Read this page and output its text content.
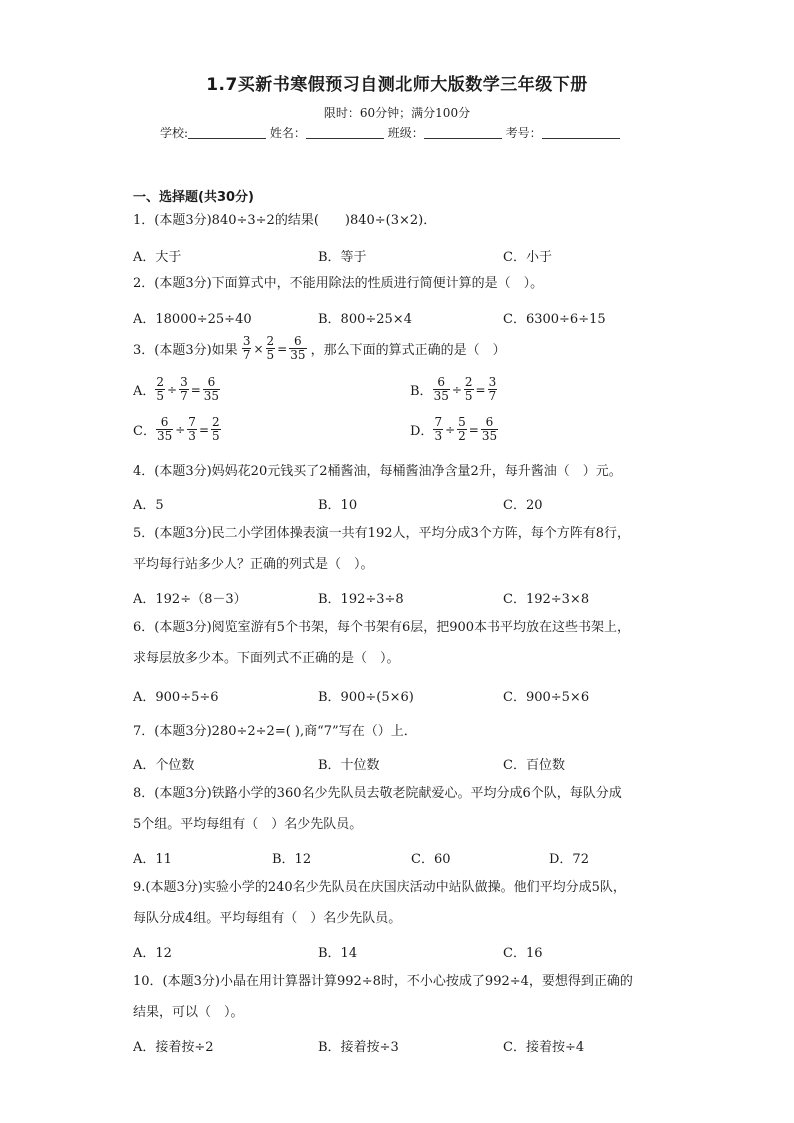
1.7买新书寒假预习自测北师大版数学三年级下册
限时：60分钟；满分100分
学校:	姓名：	班级：	考号：
一、选择题(共30分)
1．(本题3分)840÷3÷2的结果(　　)840÷(3×2)．
A．大于	B．等于	C．小于
2．(本题3分)下面算式中，不能用除法的性质进行简便计算的是（　）。
A．18000÷25÷40	B．800÷25×4	C．6300÷6÷15
3．(本题3分)如果 $\frac{3}{7} \times \frac{2}{5} = \frac{6}{35}$ ，那么下面的算式正确的是（　）
A． $\frac{2}{5} \div \frac{3}{7} = \frac{6}{35}$	B． $\frac{6}{35} \div \frac{2}{5} = \frac{3}{7}$
C． $\frac{6}{35} \div \frac{7}{3} = \frac{2}{5}$	D． $\frac{7}{3} \div \frac{5}{2} = \frac{6}{35}$
4．(本题3分)妈妈花20元钱买了2桶酱油，每桶酱油净含量2升，每升酱油（　）元。
A．5	B．10	C．20
5．(本题3分)民二小学团体操表演一共有192人，平均分成3个方阵，每个方阵有8行，
平均每行站多少人？正确的列式是（　）。
A．192÷（8－3）	B．192÷3÷8	C．192÷3×8
6．(本题3分)阅览室游有5个书架，每个书架有6层，把900本书平均放在这些书架上，
求每层放多少本。下面列式不正确的是（　）。
A．900÷5÷6	B．900÷(5×6)	C．900÷5×6
7．(本题3分)280÷2÷2=( ),商“7”写在（）上．
A．个位数	B．十位数	C．百位数
8．(本题3分)铁路小学的360名少先队员去敬老院献爱心。平均分成6个队，每队分成
5个组。平均每组有（　）名少先队员。
A．11	B．12	C．60	D．72
9.(本题3分)实验小学的240名少先队员在庆国庆活动中站队做操。他们平均分成5队，
每队分成4组。平均每组有（　）名少先队员。
A．12	B．14	C．16
10．(本题3分)小晶在用计算器计算992÷8时，不小心按成了992÷4，要想得到正确的
结果，可以（　）。
A．接着按÷2	B．接着按÷3	C．接着按÷4
